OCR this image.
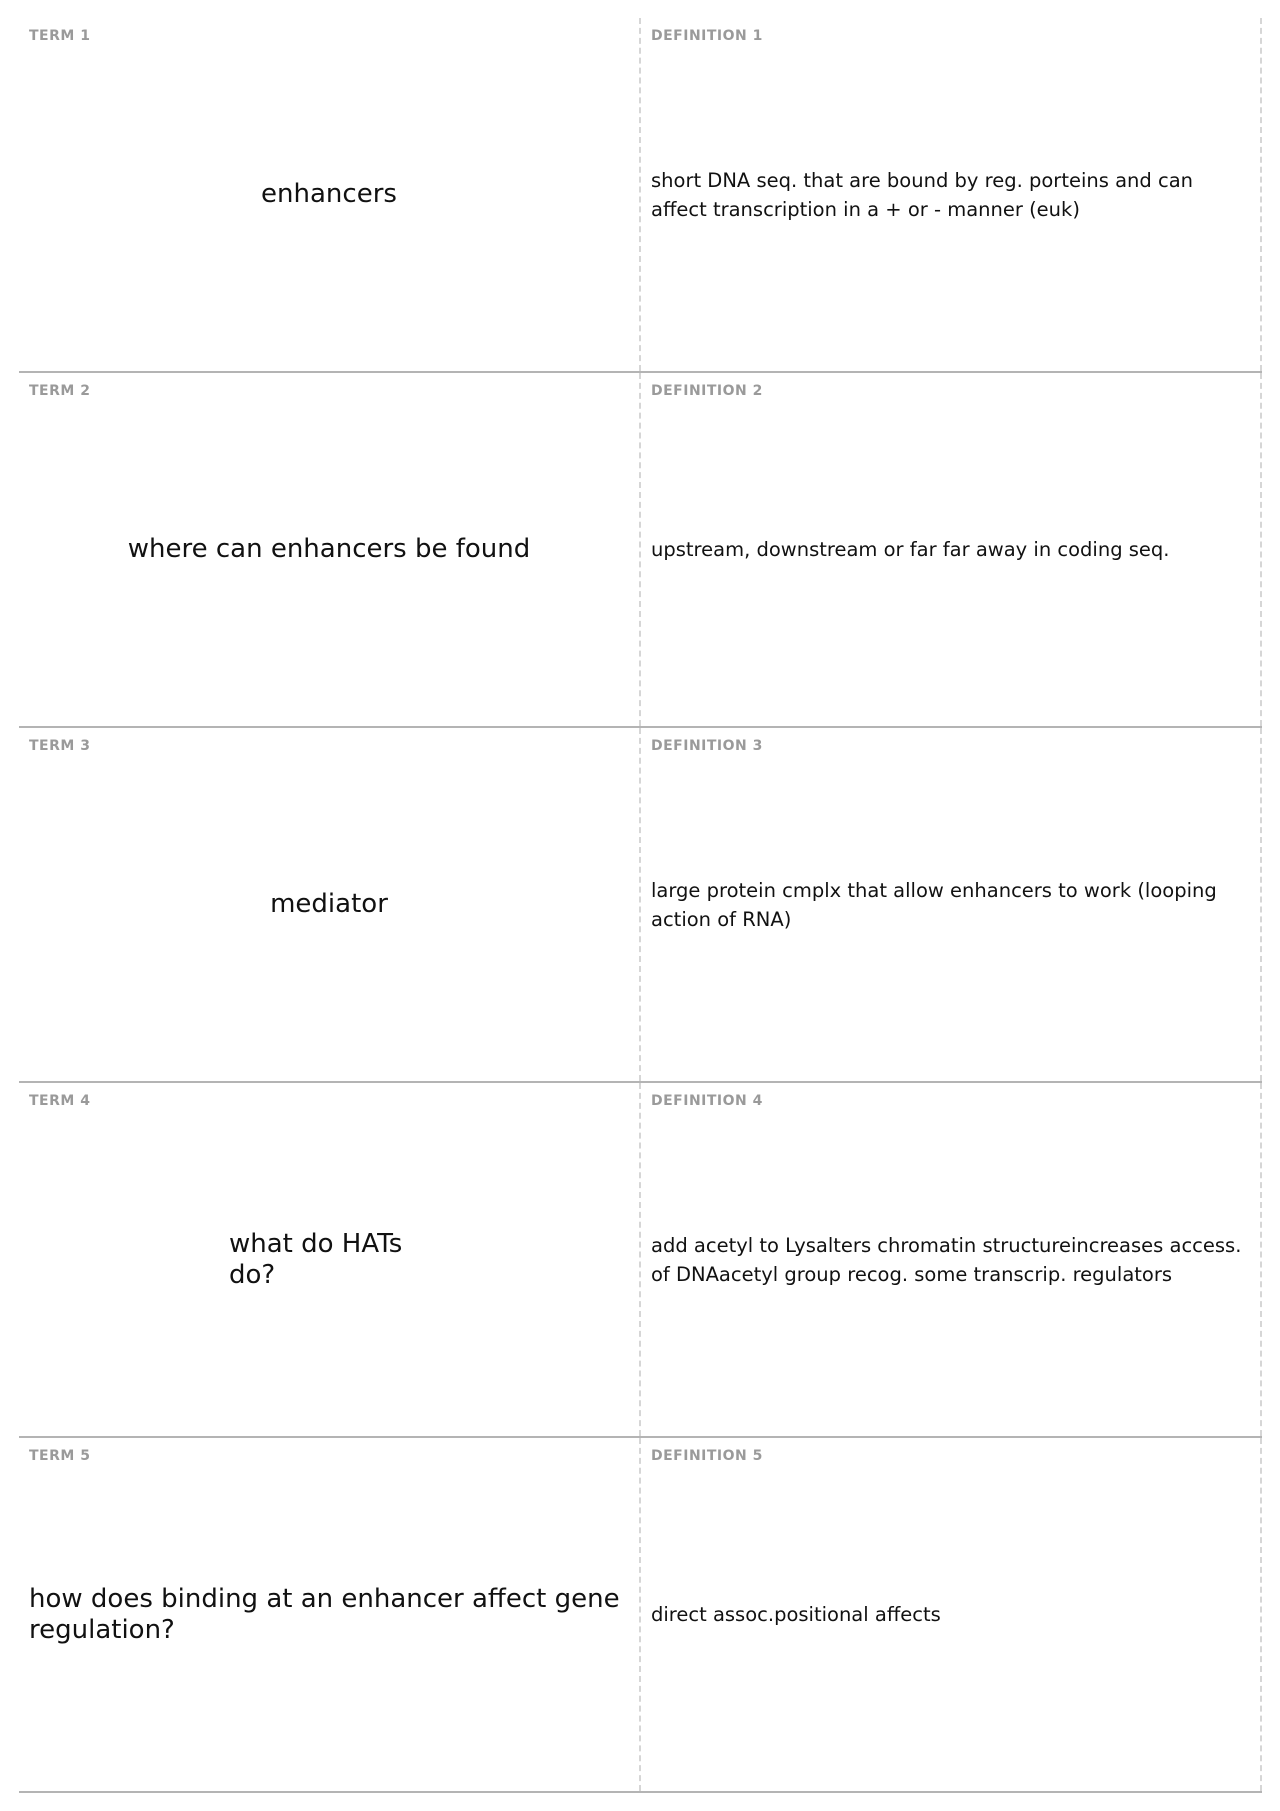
TERM 1
enhancers
DEFINITION 1
short DNA seq. that are bound by reg. porteins and can affect transcription in a + or - manner (euk)
TERM 2
where can enhancers be found
DEFINITION 2
upstream, downstream or far far away in coding seq.
TERM 3
mediator
DEFINITION 3
large protein cmplx that allow enhancers to work (looping action of RNA)
TERM 4
what do HATs do?
DEFINITION 4
add acetyl to Lysalters chromatin structureincreases access. of DNAacetyl group recog. some transcrip. regulators
TERM 5
how does binding at an enhancer affect gene regulation?
DEFINITION 5
direct assoc.positional affects
